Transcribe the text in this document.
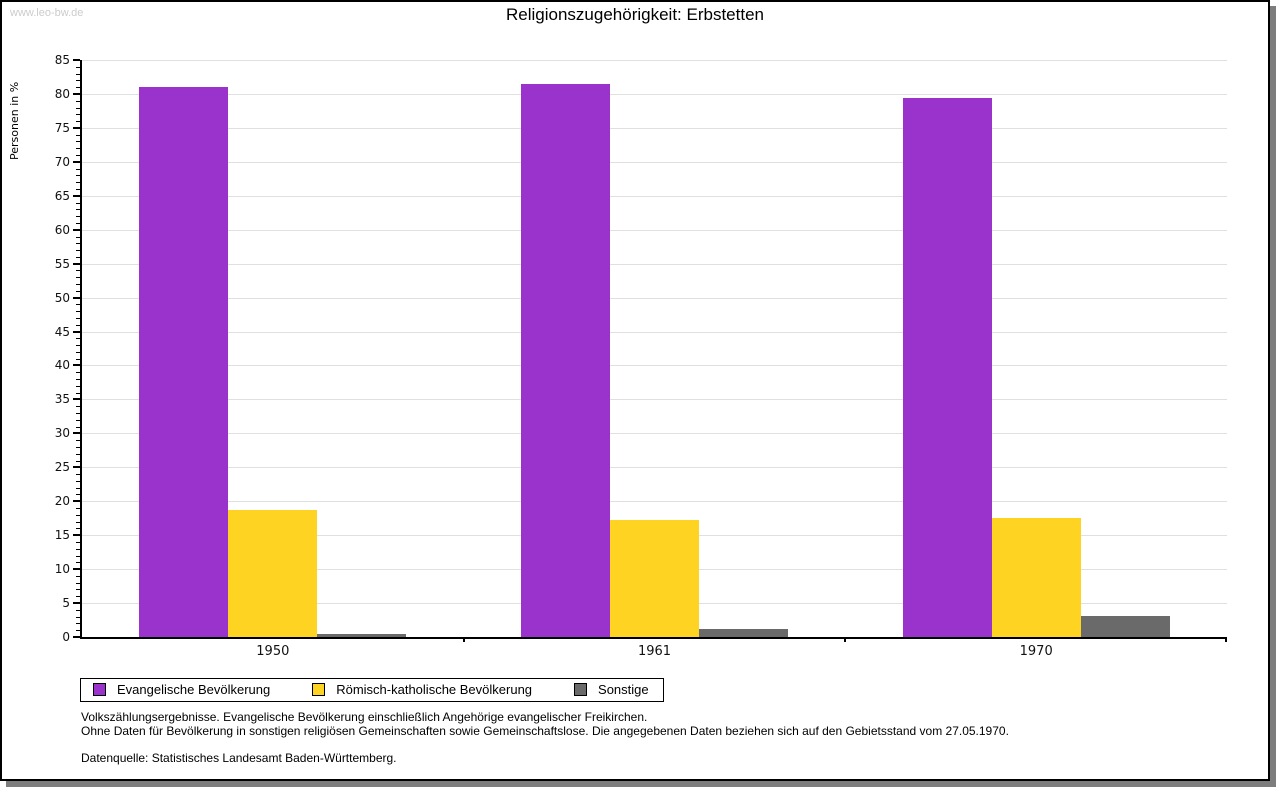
www.leo-bw.de	Religionszugehörigkeit: Erbstetten
Personen in %
0
5
10
15
20
25
30
35
40
45
50
55
60
65
70
75
80
85
1950	1961	1970
Evangelische Bevölkerung	Römisch-katholische Bevölkerung	Sonstige
Volkszählungsergebnisse. Evangelische Bevölkerung einschließlich Angehörige evangelischer Freikirchen.
Ohne Daten für Bevölkerung in sonstigen religiösen Gemeinschaften sowie Gemeinschaftslose. Die angegebenen Daten beziehen sich auf den Gebietsstand vom 27.05.1970.
Datenquelle: Statistisches Landesamt Baden-Württemberg.
